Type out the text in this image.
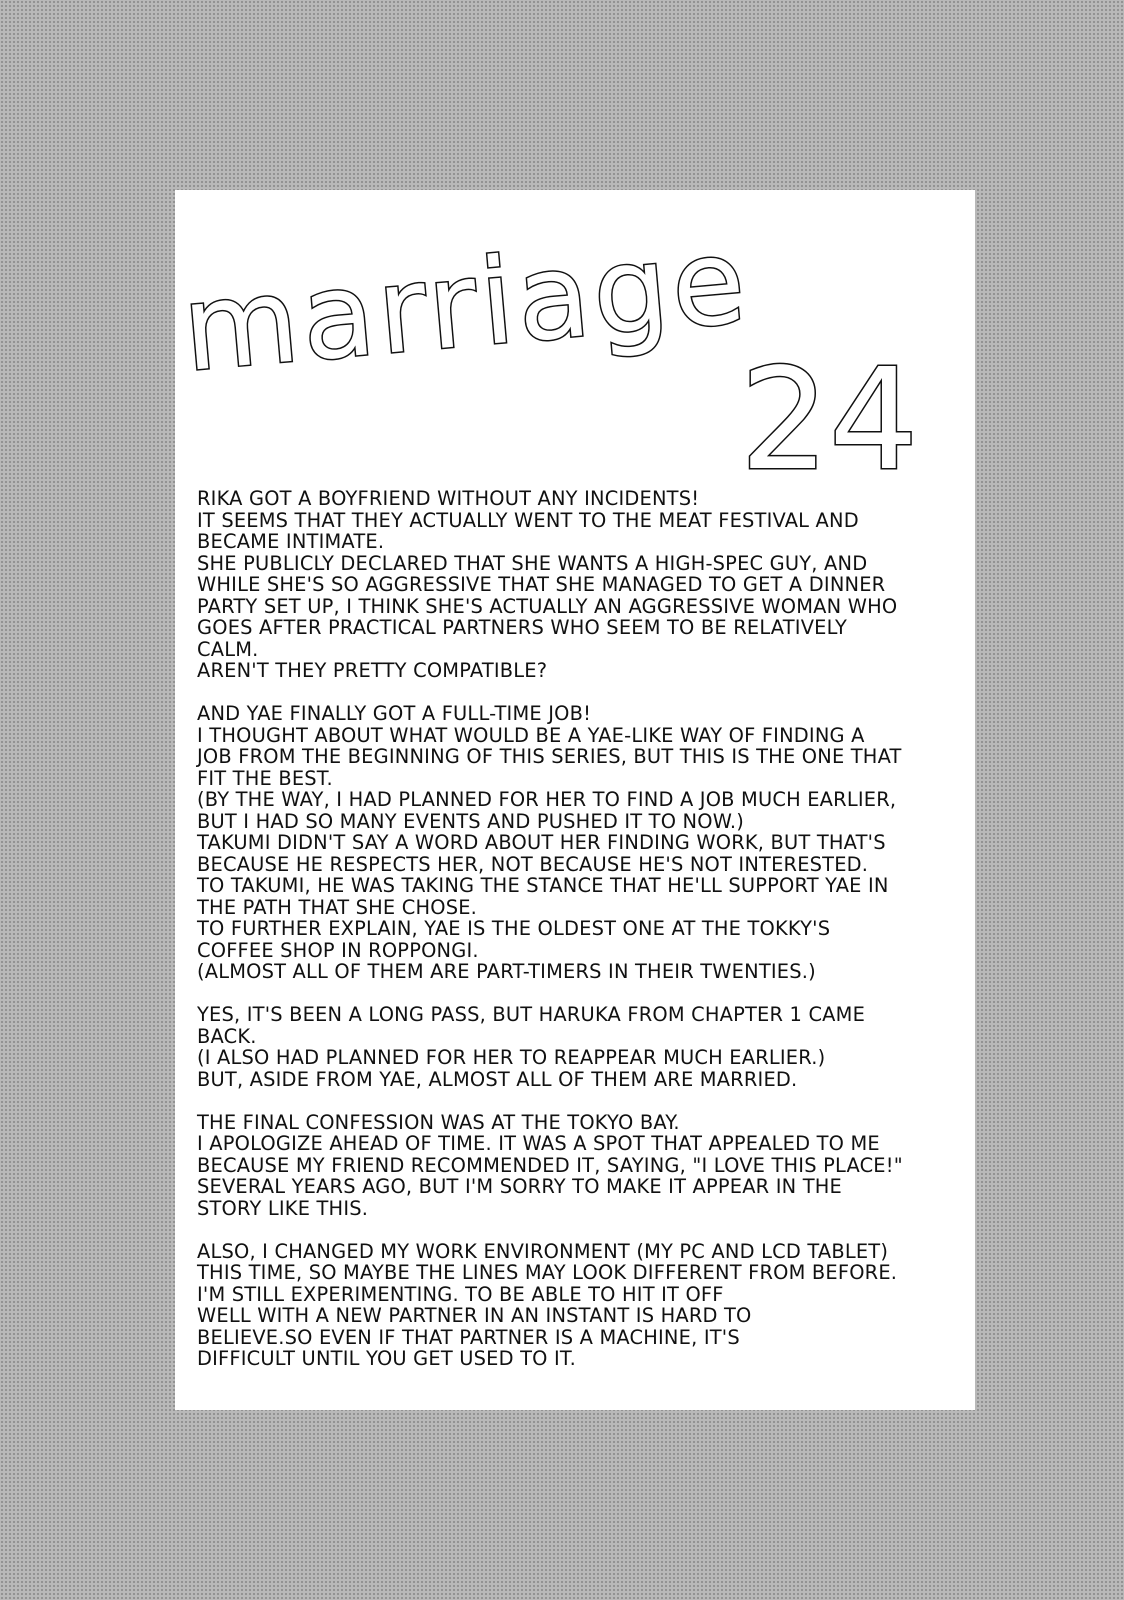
marriage
24
RIKA GOT A BOYFRIEND WITHOUT ANY INCIDENTS!
IT SEEMS THAT THEY ACTUALLY WENT TO THE MEAT FESTIVAL AND
BECAME INTIMATE.
SHE PUBLICLY DECLARED THAT SHE WANTS A HIGH-SPEC GUY, AND
WHILE SHE'S SO AGGRESSIVE THAT SHE MANAGED TO GET A DINNER
PARTY SET UP, I THINK SHE'S ACTUALLY AN AGGRESSIVE WOMAN WHO
GOES AFTER PRACTICAL PARTNERS WHO SEEM TO BE RELATIVELY
CALM.
AREN'T THEY PRETTY COMPATIBLE?
AND YAE FINALLY GOT A FULL-TIME JOB!
I THOUGHT ABOUT WHAT WOULD BE A YAE-LIKE WAY OF FINDING A
JOB FROM THE BEGINNING OF THIS SERIES, BUT THIS IS THE ONE THAT
FIT THE BEST.
(BY THE WAY, I HAD PLANNED FOR HER TO FIND A JOB MUCH EARLIER,
BUT I HAD SO MANY EVENTS AND PUSHED IT TO NOW.)
TAKUMI DIDN'T SAY A WORD ABOUT HER FINDING WORK, BUT THAT'S
BECAUSE HE RESPECTS HER, NOT BECAUSE HE'S NOT INTERESTED.
TO TAKUMI, HE WAS TAKING THE STANCE THAT HE'LL SUPPORT YAE IN
THE PATH THAT SHE CHOSE.
TO FURTHER EXPLAIN, YAE IS THE OLDEST ONE AT THE TOKKY'S
COFFEE SHOP IN ROPPONGI.
(ALMOST ALL OF THEM ARE PART-TIMERS IN THEIR TWENTIES.)
YES, IT'S BEEN A LONG PASS, BUT HARUKA FROM CHAPTER 1 CAME
BACK.
(I ALSO HAD PLANNED FOR HER TO REAPPEAR MUCH EARLIER.)
BUT, ASIDE FROM YAE, ALMOST ALL OF THEM ARE MARRIED.
THE FINAL CONFESSION WAS AT THE TOKYO BAY.
I APOLOGIZE AHEAD OF TIME. IT WAS A SPOT THAT APPEALED TO ME
BECAUSE MY FRIEND RECOMMENDED IT, SAYING, "I LOVE THIS PLACE!"
SEVERAL YEARS AGO, BUT I'M SORRY TO MAKE IT APPEAR IN THE
STORY LIKE THIS.
ALSO, I CHANGED MY WORK ENVIRONMENT (MY PC AND LCD TABLET)
THIS TIME, SO MAYBE THE LINES MAY LOOK DIFFERENT FROM BEFORE.
I'M STILL EXPERIMENTING. TO BE ABLE TO HIT IT OFF
WELL WITH A NEW PARTNER IN AN INSTANT IS HARD TO
BELIEVE.SO EVEN IF THAT PARTNER IS A MACHINE, IT'S
DIFFICULT UNTIL YOU GET USED TO IT.
